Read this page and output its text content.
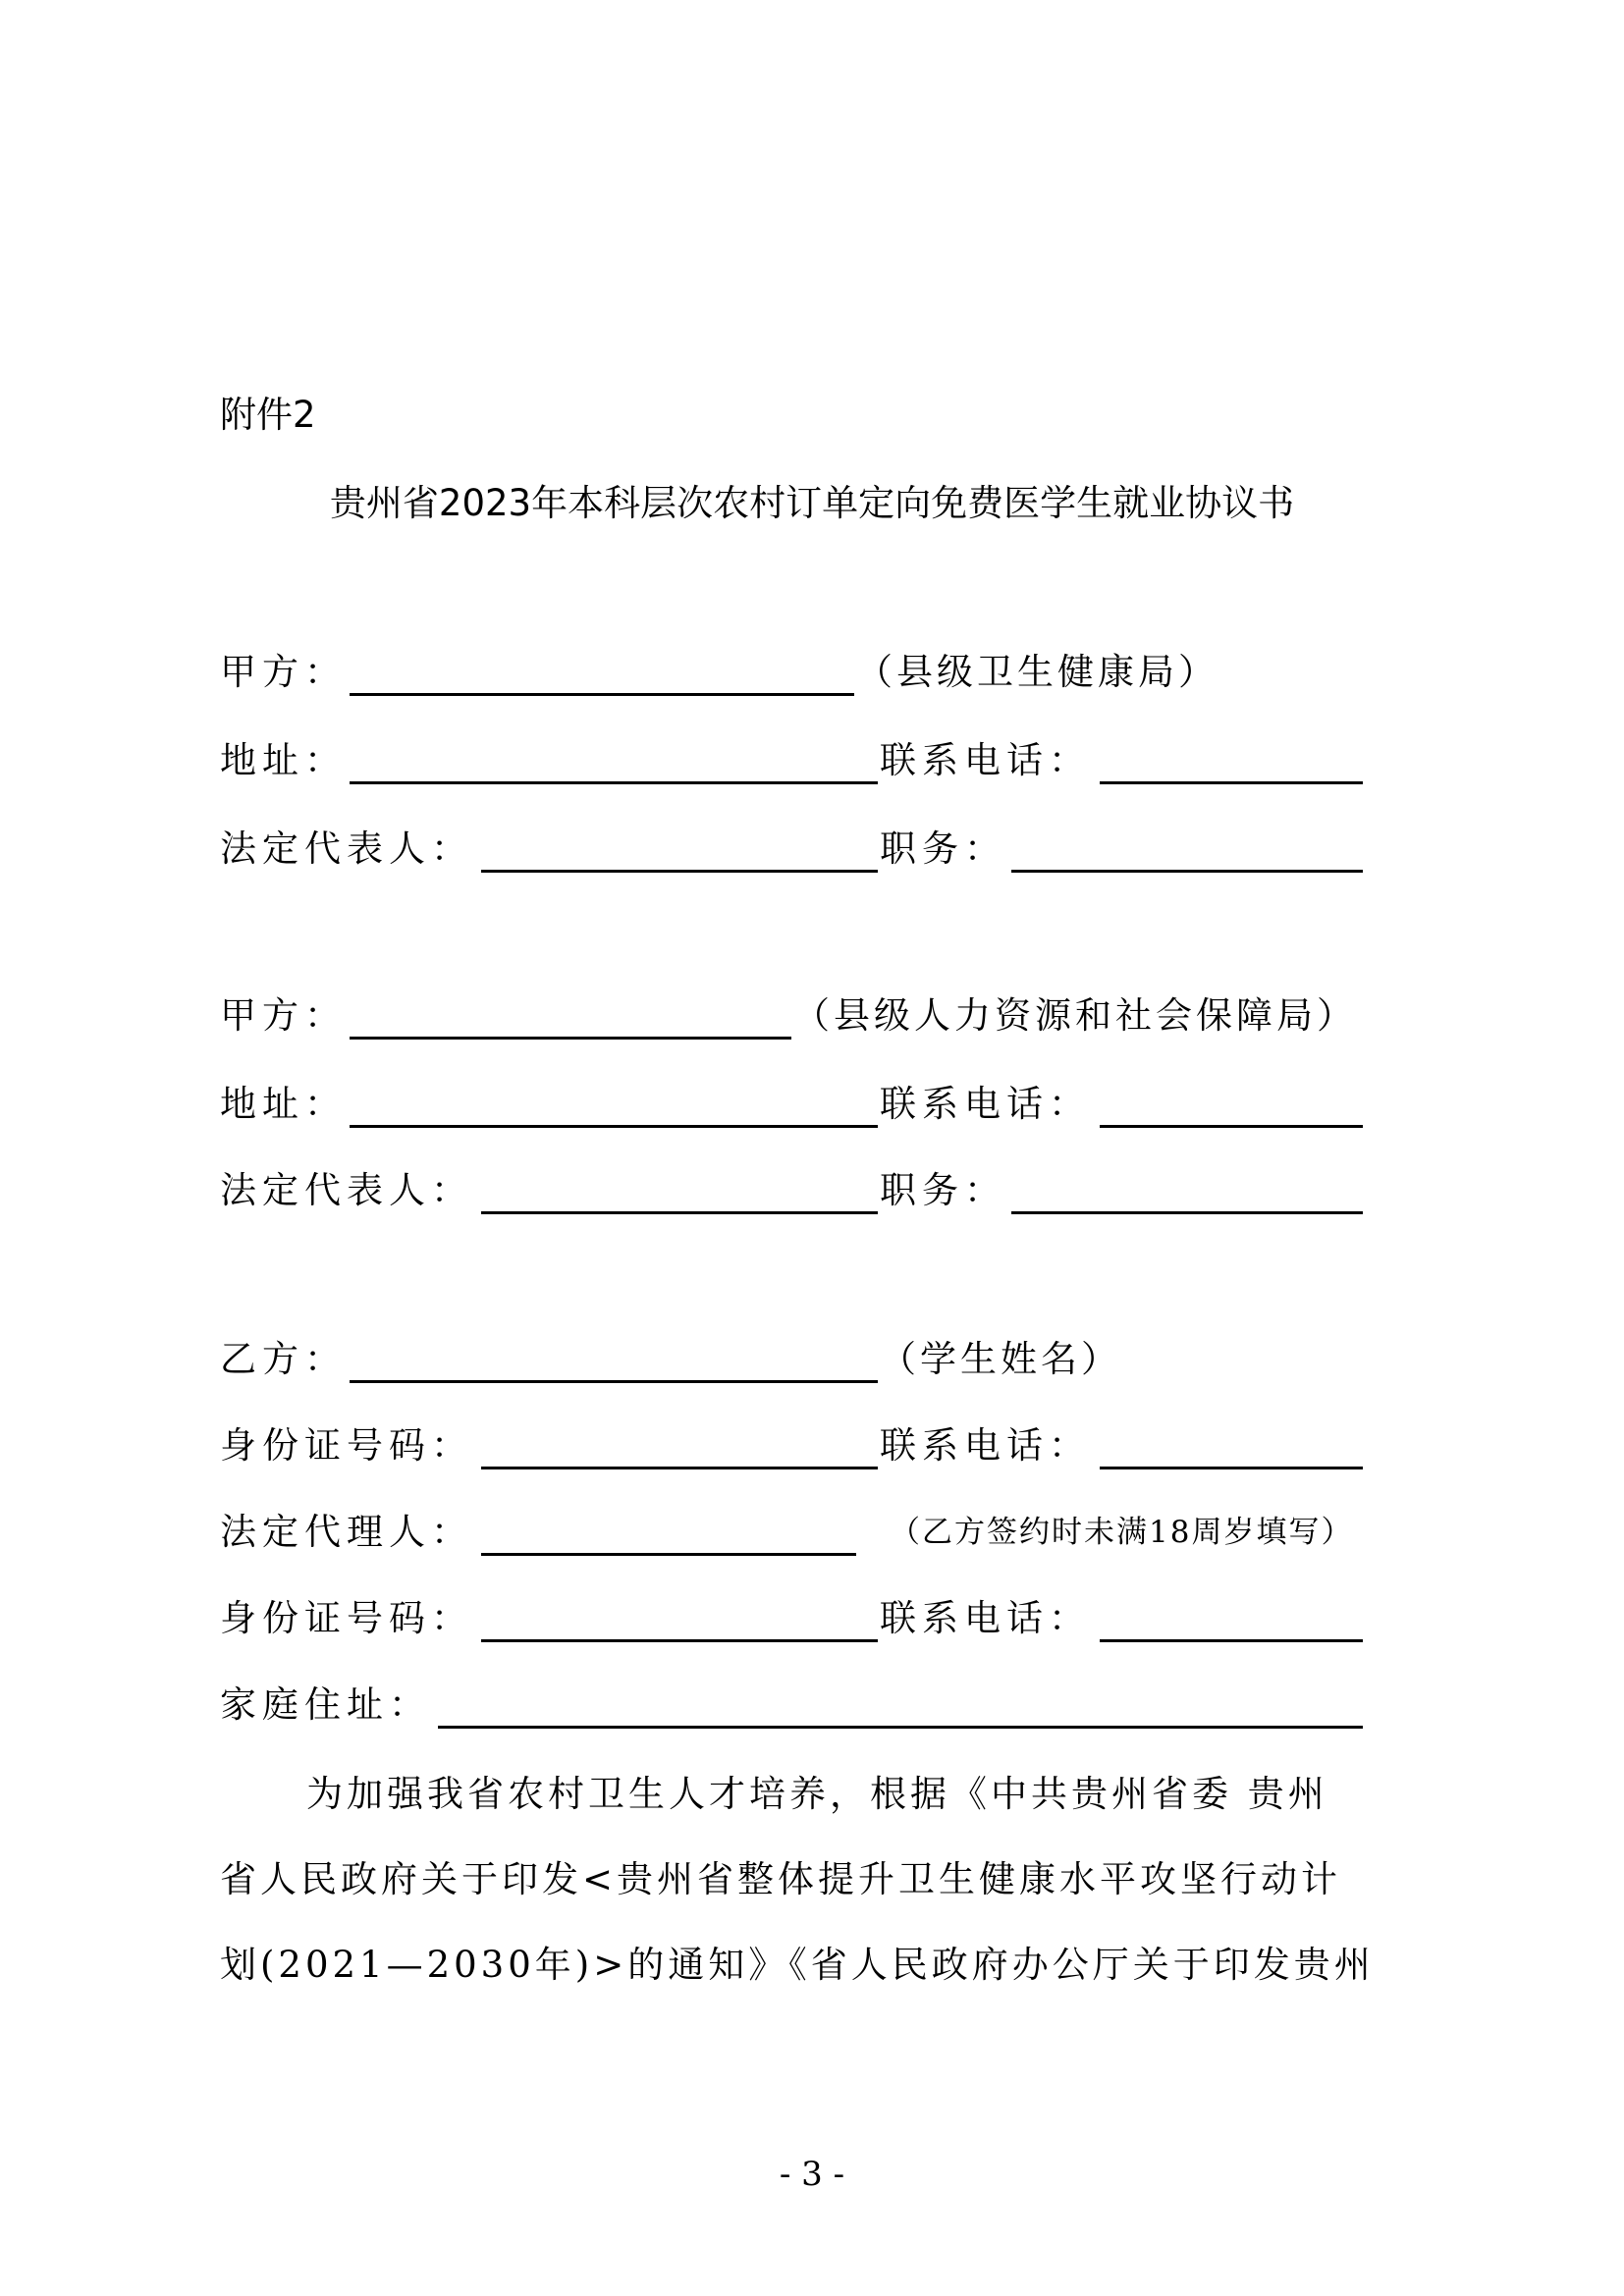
附件2
贵州省2023年本科层次农村订单定向免费医学生就业协议书
甲方：	（县级卫生健康局）
地址：	联系电话：
法定代表人：	职务：
甲方：	（县级人力资源和社会保障局）
地址：	联系电话：
法定代表人：	职务：
乙方：	（学生姓名）
身份证号码：	联系电话：
法定代理人：	（乙方签约时未满18周岁填写）
身份证号码：	联系电话：
家庭住址：
为加强我省农村卫生人才培养，根据《中共贵州省委 贵州
省人民政府关于印发<贵州省整体提升卫生健康水平攻坚行动计
划(2021—2030年)>的通知》《省人民政府办公厅关于印发贵州
- 3 -
